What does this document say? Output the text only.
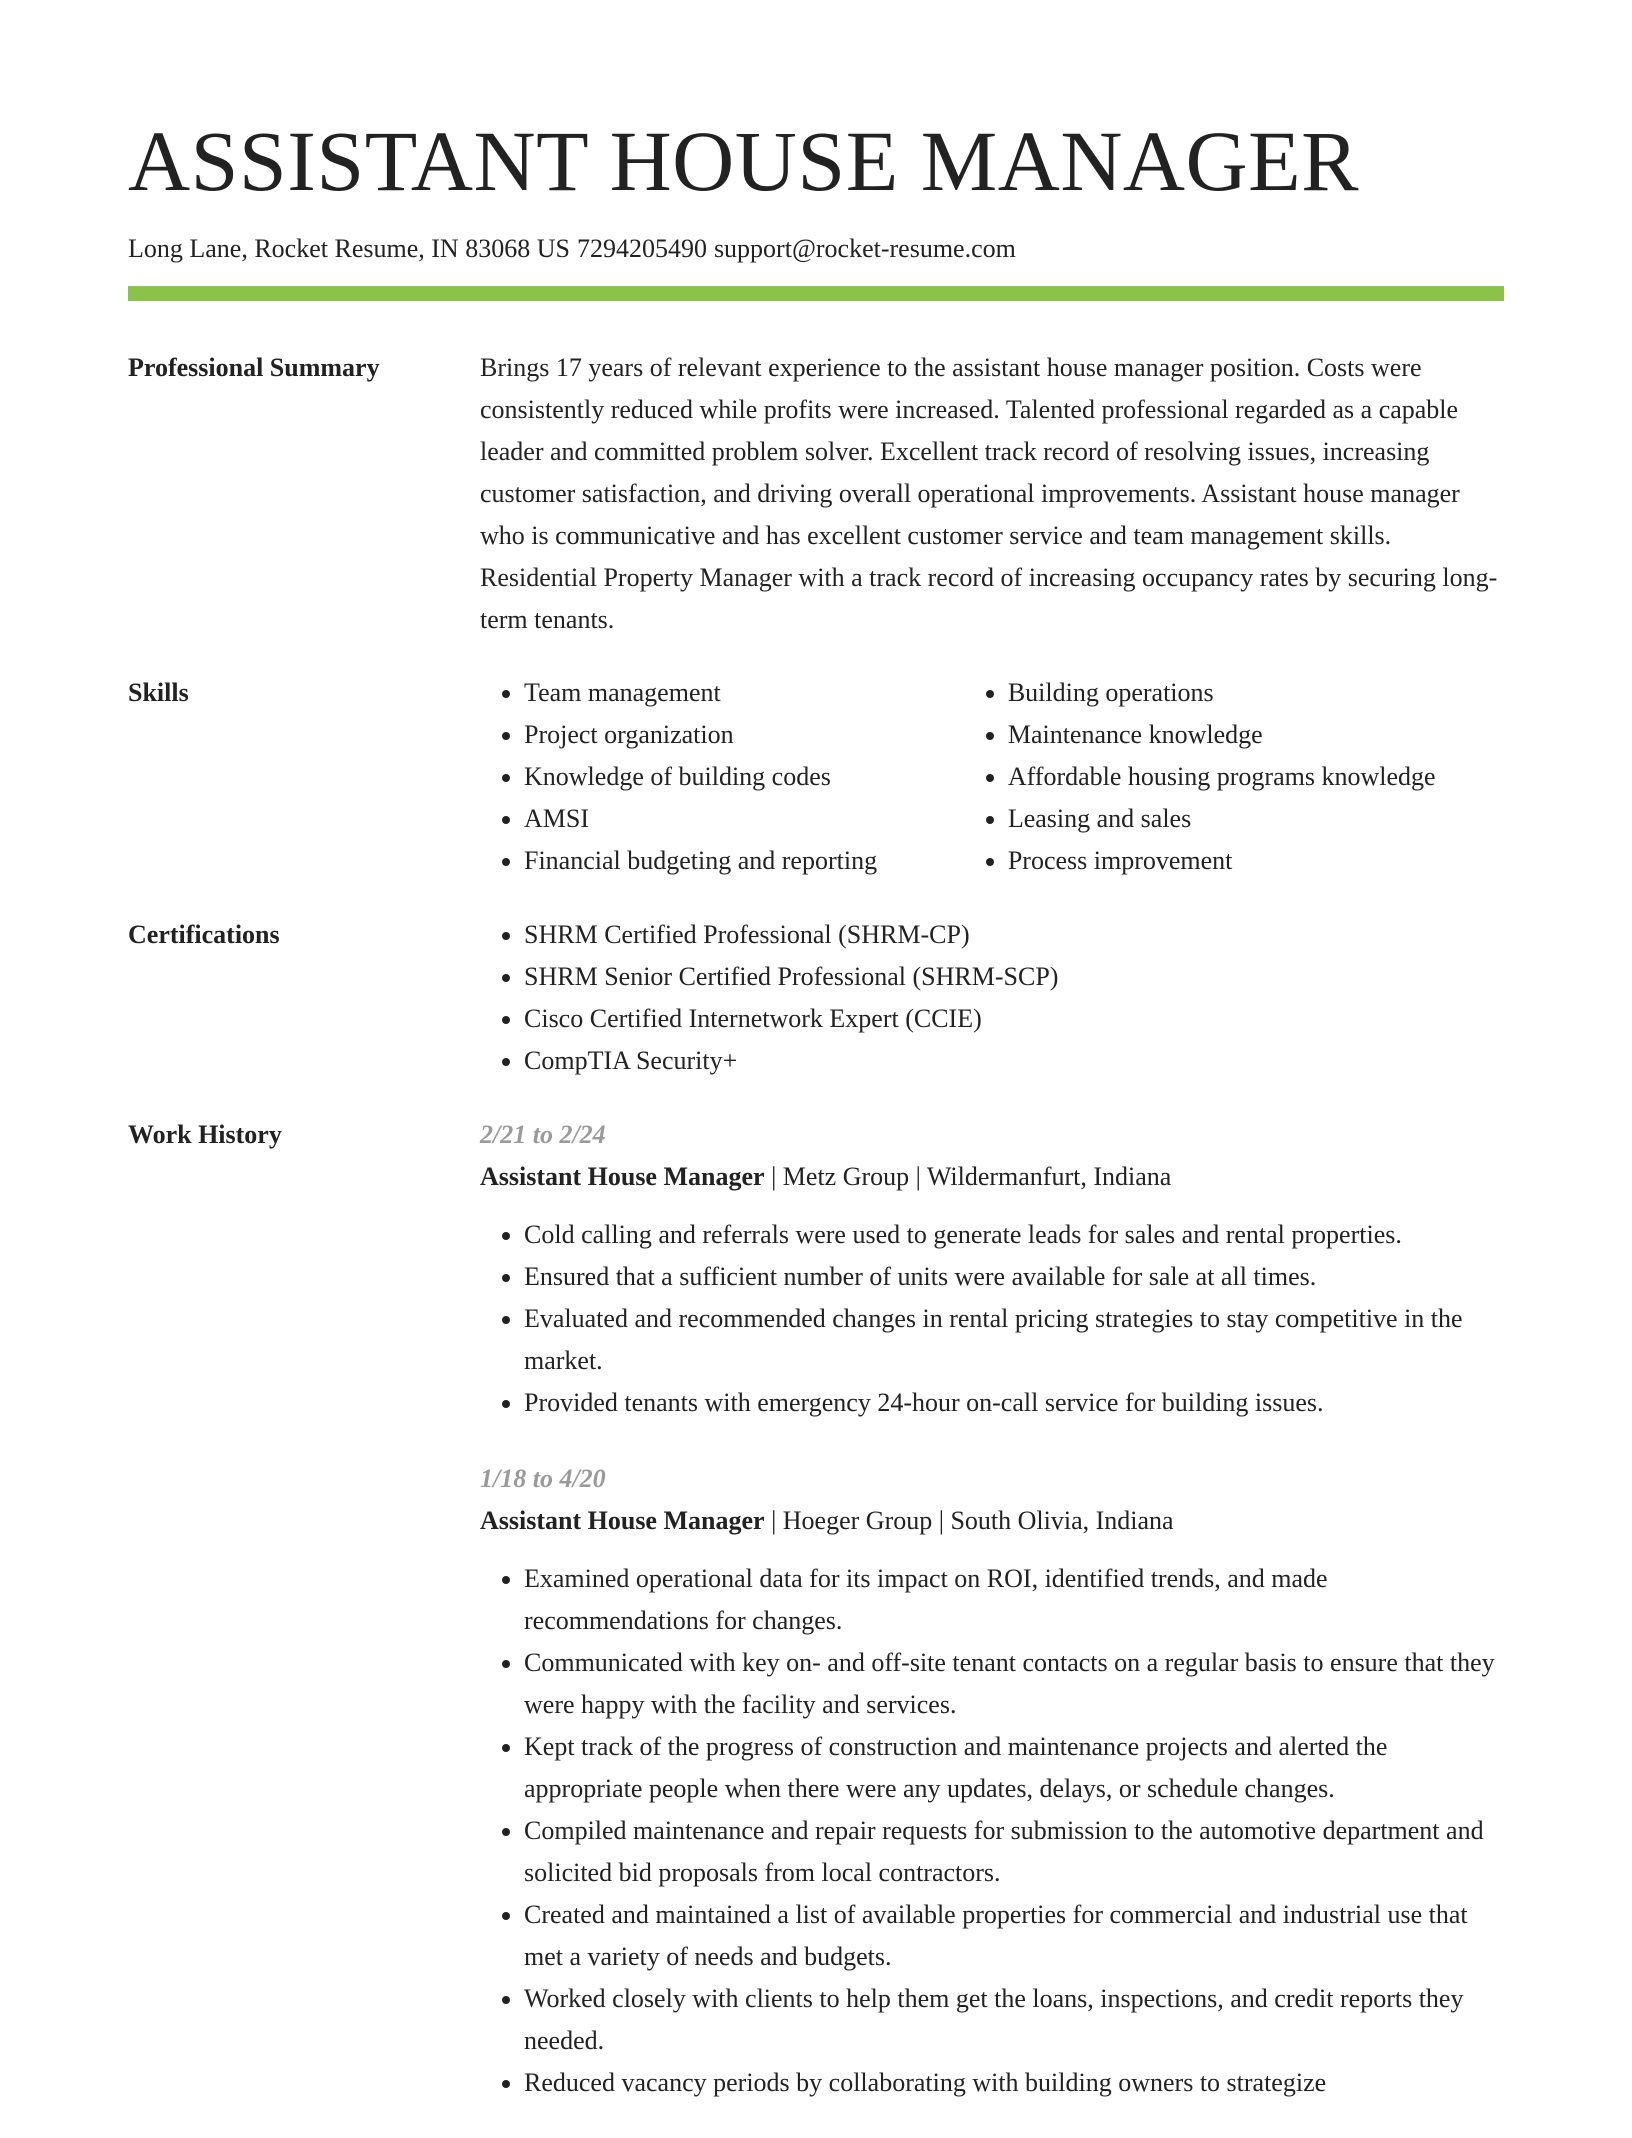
ASSISTANT HOUSE MANAGER
Long Lane, Rocket Resume, IN 83068 US 7294205490 support@rocket-resume.com
Professional Summary	Brings 17 years of relevant experience to the assistant house manager position. Costs were consistently reduced while profits were increased. Talented professional regarded as a capable leader and committed problem solver. Excellent track record of resolving issues, increasing customer satisfaction, and driving overall operational improvements. Assistant house manager who is communicative and has excellent customer service and team management skills. Residential Property Manager with a track record of increasing occupancy rates by securing long-term tenants.

Skills	• Team management
• Project organization
• Knowledge of building codes
• AMSI
• Financial budgeting and reporting
• Building operations
• Maintenance knowledge
• Affordable housing programs knowledge
• Leasing and sales
• Process improvement
Certifications	• SHRM Certified Professional (SHRM-CP)
• SHRM Senior Certified Professional (SHRM-SCP)
• Cisco Certified Internetwork Expert (CCIE)
• CompTIA Security+
Work History	2/21 to 2/24
Assistant House Manager | Metz Group | Wildermanfurt, Indiana
• Cold calling and referrals were used to generate leads for sales and rental properties.
• Ensured that a sufficient number of units were available for sale at all times.
• Evaluated and recommended changes in rental pricing strategies to stay competitive in the market.
• Provided tenants with emergency 24-hour on-call service for building issues.
1/18 to 4/20
Assistant House Manager | Hoeger Group | South Olivia, Indiana
• Examined operational data for its impact on ROI, identified trends, and made recommendations for changes.
• Communicated with key on- and off-site tenant contacts on a regular basis to ensure that they were happy with the facility and services.
• Kept track of the progress of construction and maintenance projects and alerted the appropriate people when there were any updates, delays, or schedule changes.
• Compiled maintenance and repair requests for submission to the automotive department and solicited bid proposals from local contractors.
• Created and maintained a list of available properties for commercial and industrial use that met a variety of needs and budgets.
• Worked closely with clients to help them get the loans, inspections, and credit reports they needed.
• Reduced vacancy periods by collaborating with building owners to strategize
